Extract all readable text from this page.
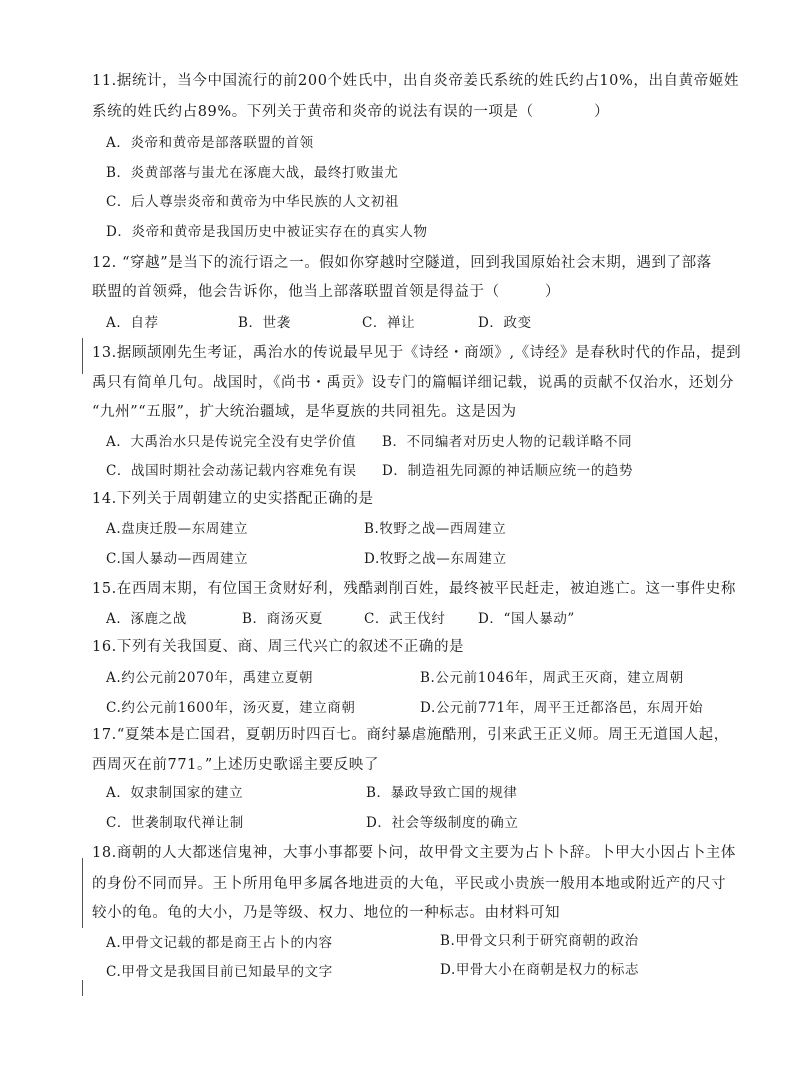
11.据统计，当今中国流行的前200个姓氏中，出自炎帝姜氏系统的姓氏约占10%，出自黄帝姬姓
系统的姓氏约占89%。下列关于黄帝和炎帝的说法有误的一项是（　　　　）
A．炎帝和黄帝是部落联盟的首领
B．炎黄部落与蚩尤在涿鹿大战，最终打败蚩尤
C．后人尊崇炎帝和黄帝为中华民族的人文初祖
D．炎帝和黄帝是我国历史中被证实存在的真实人物
12. “穿越”是当下的流行语之一。假如你穿越时空隧道，回到我国原始社会末期，遇到了部落
联盟的首领舜，他会告诉你，他当上部落联盟首领是得益于（　　　）
A．自荐	B．世袭	C．禅让	D．政变
13.据顾颉刚先生考证，禹治水的传说最早见于《诗经・商颂》,《诗经》是春秋时代的作品，提到
禹只有简单几句。战国时，《尚书・禹贡》设专门的篇幅详细记载，说禹的贡献不仅治水，还划分
“九州”“五服”，扩大统治疆域，是华夏族的共同祖先。这是因为
A．大禹治水只是传说完全没有史学价值 B．不同编者对历史人物的记载详略不同
C．战国时期社会动荡记载内容难免有误 D．制造祖先同源的神话顺应统一的趋势
14.下列关于周朝建立的史实搭配正确的是
A.盘庚迁殷—东周建立	B.牧野之战—西周建立
C.国人暴动—西周建立	D.牧野之战—东周建立
15.在西周末期，有位国王贪财好利，残酷剥削百姓，最终被平民赶走，被迫逃亡。这一事件史称
A．涿鹿之战	B．商汤灭夏	C．武王伐纣 D．“国人暴动”
16.下列有关我国夏、商、周三代兴亡的叙述不正确的是
A.约公元前2070年，禹建立夏朝	B.公元前1046年，周武王灭商，建立周朝
C.约公元前1600年，汤灭夏，建立商朝	D.公元前771年，周平王迁都洛邑，东周开始
17.“夏桀本是亡国君，夏朝历时四百七。商纣暴虐施酷刑，引来武王正义师。周王无道国人起，
西周灭在前771。”上述历史歌谣主要反映了
A．奴隶制国家的建立	B．暴政导致亡国的规律
C．世袭制取代禅让制	D．社会等级制度的确立
18.商朝的人大都迷信鬼神，大事小事都要卜问，故甲骨文主要为占卜卜辞。卜甲大小因占卜主体
的身份不同而异。王卜所用龟甲多属各地进贡的大龟，平民或小贵族一般用本地或附近产的尺寸
较小的龟。龟的大小，乃是等级、权力、地位的一种标志。由材料可知
A.甲骨文记载的都是商王占卜的内容	B.甲骨文只利于研究商朝的政治
C.甲骨文是我国目前已知最早的文字	D.甲骨大小在商朝是权力的标志
